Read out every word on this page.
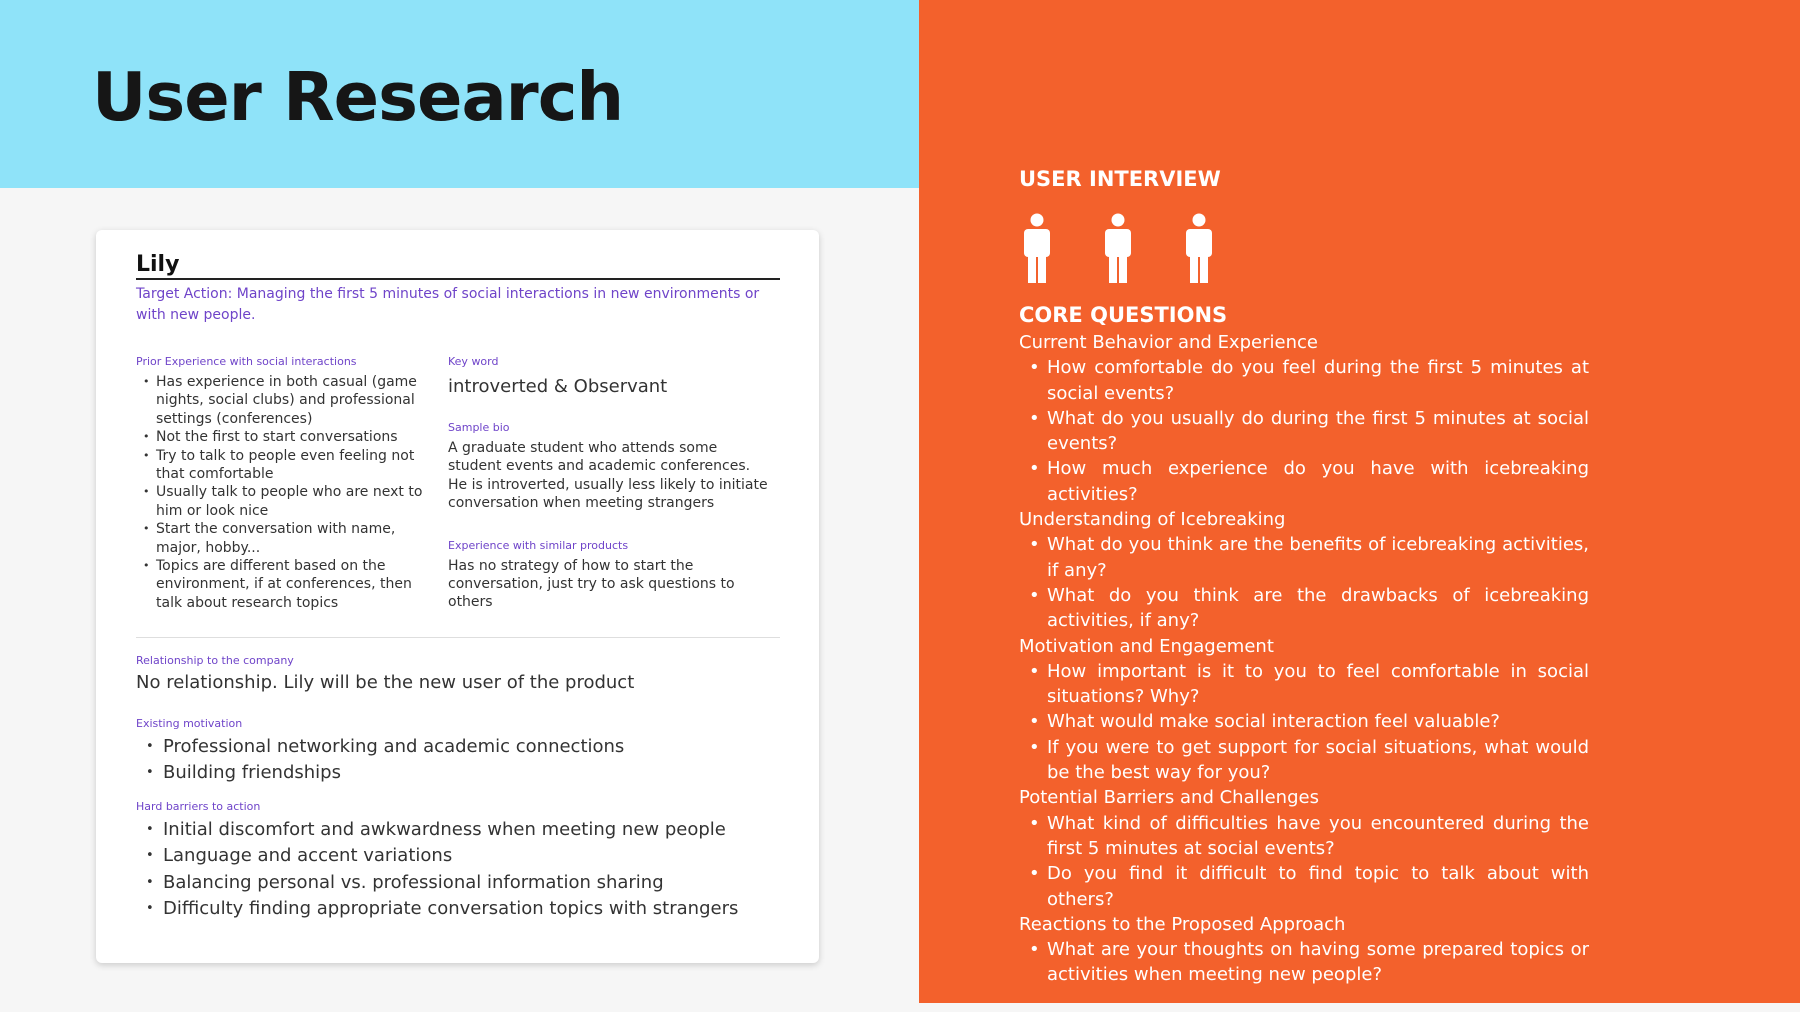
User Research
Lily
Target Action: Managing the first 5 minutes of social interactions in new environments or with new people.
Prior Experience with social interactions
• Has experience in both casual (game nights, social clubs) and professional settings (conferences)
• Not the first to start conversations
• Try to talk to people even feeling not that comfortable
• Usually talk to people who are next to him or look nice
• Start the conversation with name, major, hobby...
• Topics are different based on the environment, if at conferences, then talk about research topics
Key word
introverted & Observant
Sample bio
A graduate student who attends some student events and academic conferences. He is introverted, usually less likely to initiate conversation when meeting strangers
Experience with similar products
Has no strategy of how to start the conversation, just try to ask questions to others
Relationship to the company
No relationship. Lily will be the new user of the product
Existing motivation
• Professional networking and academic connections
• Building friendships
Hard barriers to action
• Initial discomfort and awkwardness when meeting new people
• Language and accent variations
• Balancing personal vs. professional information sharing
• Difficulty finding appropriate conversation topics with strangers
USER INTERVIEW
CORE QUESTIONS
Current Behavior and Experience
• How comfortable do you feel during the first 5 minutes at social events?
• What do you usually do during the first 5 minutes at social events?
• How much experience do you have with icebreaking activities?
Understanding of Icebreaking
• What do you think are the benefits of icebreaking activities, if any?
• What do you think are the drawbacks of icebreaking activities, if any?
Motivation and Engagement
• How important is it to you to feel comfortable in social situations? Why?
• What would make social interaction feel valuable?
• If you were to get support for social situations, what would be the best way for you?
Potential Barriers and Challenges
• What kind of difficulties have you encountered during the first 5 minutes at social events?
• Do you find it difficult to find topic to talk about with others?
Reactions to the Proposed Approach
• What are your thoughts on having some prepared topics or activities when meeting new people?
